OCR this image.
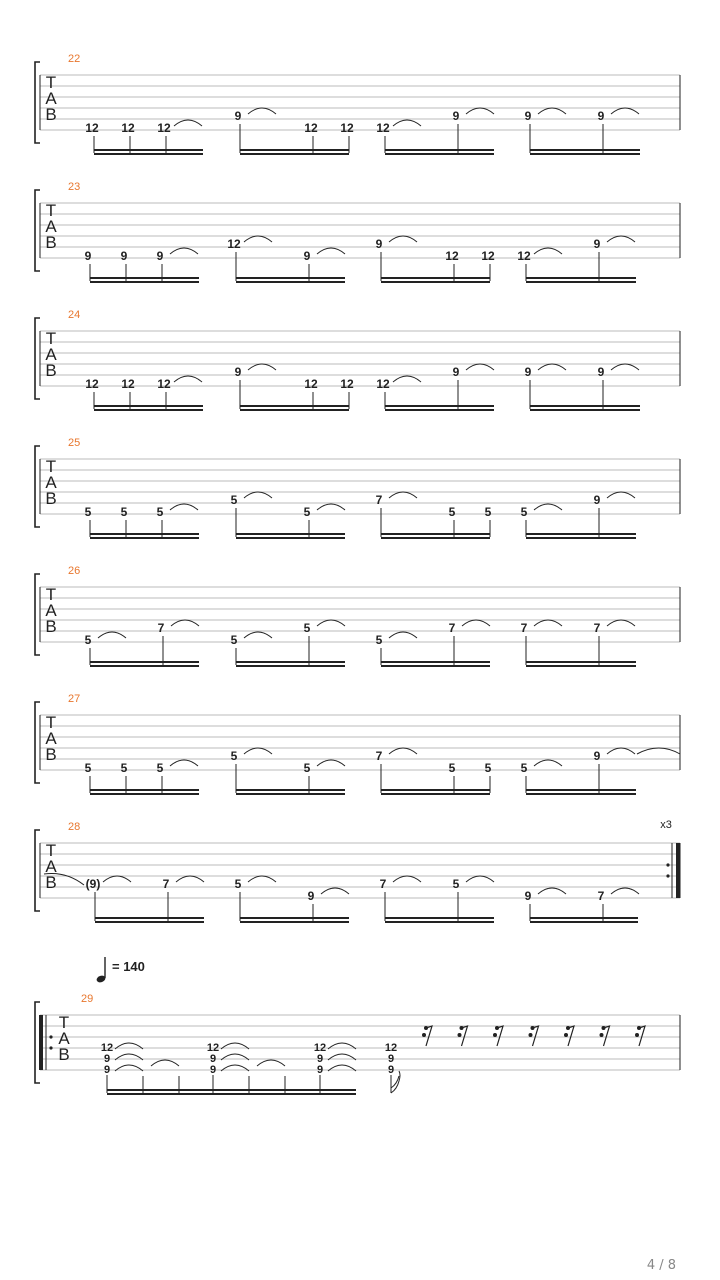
T
A
B
22
12 12 12
9
12 12 12
9	9	9
T
A
B
23
9 9 9
12
9
9
12 12 12
9
T
A
B
24
12 12 12
9
12 12 12
9	9	9
T
A
B
25
5 5 5
5
5
7
5 5 5
9
T
A
B
26
5
7
5
5
5
7	7	7
T
A
B
27
5 5 5
5
5
7
5 5 5
9
T
A
B
28	x3
(9)	7	5
9
7	5
9	7
T
A
B
29
12
9
9
12
9
9
12
9
9
12
9
9
= 140
4 / 8
